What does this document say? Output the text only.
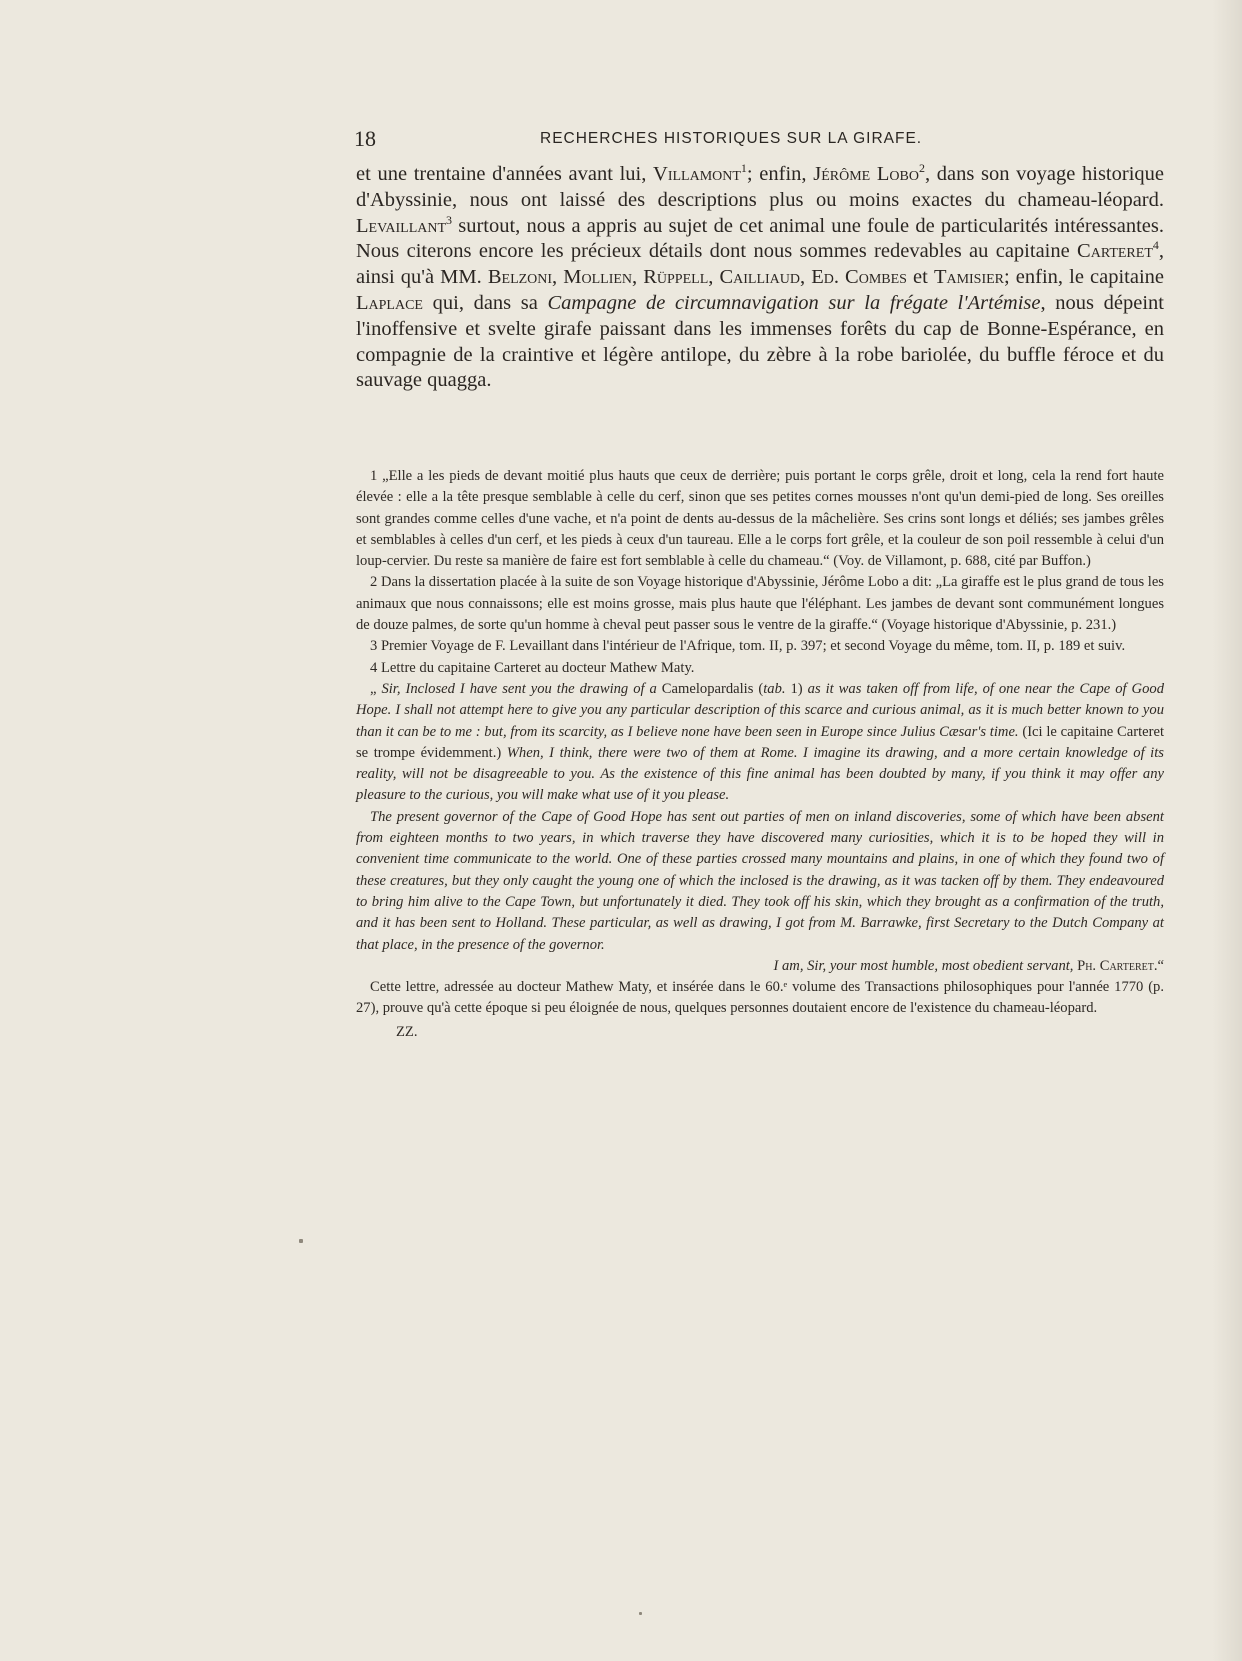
18	RECHERCHES HISTORIQUES SUR LA GIRAFE.

et une trentaine d'années avant lui, Villamont$^1$; enfin, Jérôme Lobo$^2$, dans son voyage historique d'Abyssinie, nous ont laissé des descriptions plus ou moins exactes du chameau-léopard. Levaillant$^3$ surtout, nous a appris au sujet de cet animal une foule de particularités intéressantes. Nous citerons encore les précieux détails dont nous sommes redevables au capitaine Carteret$^4$, ainsi qu'à MM. Belzoni, Mollien, Rüppell, Cailliaud, Ed. Combes et Tamisier; enfin, le capitaine Laplace qui, dans sa Campagne de circumnavigation sur la frégate l'Artémise, nous dépeint l'inoffensive et svelte girafe paissant dans les immenses forêts du cap de Bonne-Espérance, en compagnie de la craintive et légère antilope, du zèbre à la robe bariolée, du buffle féroce et du sauvage quagga.

1 „Elle a les pieds de devant moitié plus hauts que ceux de derrière; puis portant le corps grêle, droit et long, cela la rend fort haute élevée : elle a la tête presque semblable à celle du cerf, sinon que ses petites cornes mousses n'ont qu'un demi-pied de long. Ses oreilles sont grandes comme celles d'une vache, et n'a point de dents au-dessus de la mâchelière. Ses crins sont longs et déliés; ses jambes grêles et semblables à celles d'un cerf, et les pieds à ceux d'un taureau. Elle a le corps fort grêle, et la couleur de son poil ressemble à celui d'un loup-cervier. Du reste sa manière de faire est fort semblable à celle du chameau.“ (Voy. de Villamont, p. 688, cité par Buffon.)

2 Dans la dissertation placée à la suite de son Voyage historique d'Abyssinie, Jérôme Lobo a dit: „La giraffe est le plus grand de tous les animaux que nous connaissons; elle est moins grosse, mais plus haute que l'éléphant. Les jambes de devant sont communément longues de douze palmes, de sorte qu'un homme à cheval peut passer sous le ventre de la giraffe.“ (Voyage historique d'Abyssinie, p. 231.)

3 Premier Voyage de F. Levaillant dans l'intérieur de l'Afrique, tom. II, p. 397; et second Voyage du même, tom. II, p. 189 et suiv.

4 Lettre du capitaine Carteret au docteur Mathew Maty.

„ Sir, Inclosed I have sent you the drawing of a Camelopardalis (tab. 1) as it was taken off from life, of one near the Cape of Good Hope. I shall not attempt here to give you any particular description of this scarce and curious animal, as it is much better known to you than it can be to me : but, from its scarcity, as I believe none have been seen in Europe since Julius Cæsar's time. (Ici le capitaine Carteret se trompe évidemment.) When, I think, there were two of them at Rome. I imagine its drawing, and a more certain knowledge of its reality, will not be disagreeable to you. As the existence of this fine animal has been doubted by many, if you think it may offer any pleasure to the curious, you will make what use of it you please.

The present governor of the Cape of Good Hope has sent out parties of men on inland discoveries, some of which have been absent from eighteen months to two years, in which traverse they have discovered many curiosities, which it is to be hoped they will in convenient time communicate to the world. One of these parties crossed many mountains and plains, in one of which they found two of these creatures, but they only caught the young one of which the inclosed is the drawing, as it was tacken off by them. They endeavoured to bring him alive to the Cape Town, but unfortunately it died. They took off his skin, which they brought as a confirmation of the truth, and it has been sent to Holland. These particular, as well as drawing, I got from M. Barrawke, first Secretary to the Dutch Company at that place, in the presence of the governor.

I am, Sir, your most humble, most obedient servant, Ph. Carteret.“

Cette lettre, adressée au docteur Mathew Maty, et insérée dans le 60.ᵉ volume des Transactions philosophiques pour l'année 1770 (p. 27), prouve qu'à cette époque si peu éloignée de nous, quelques personnes doutaient encore de l'existence du chameau-léopard.

ZZ.
